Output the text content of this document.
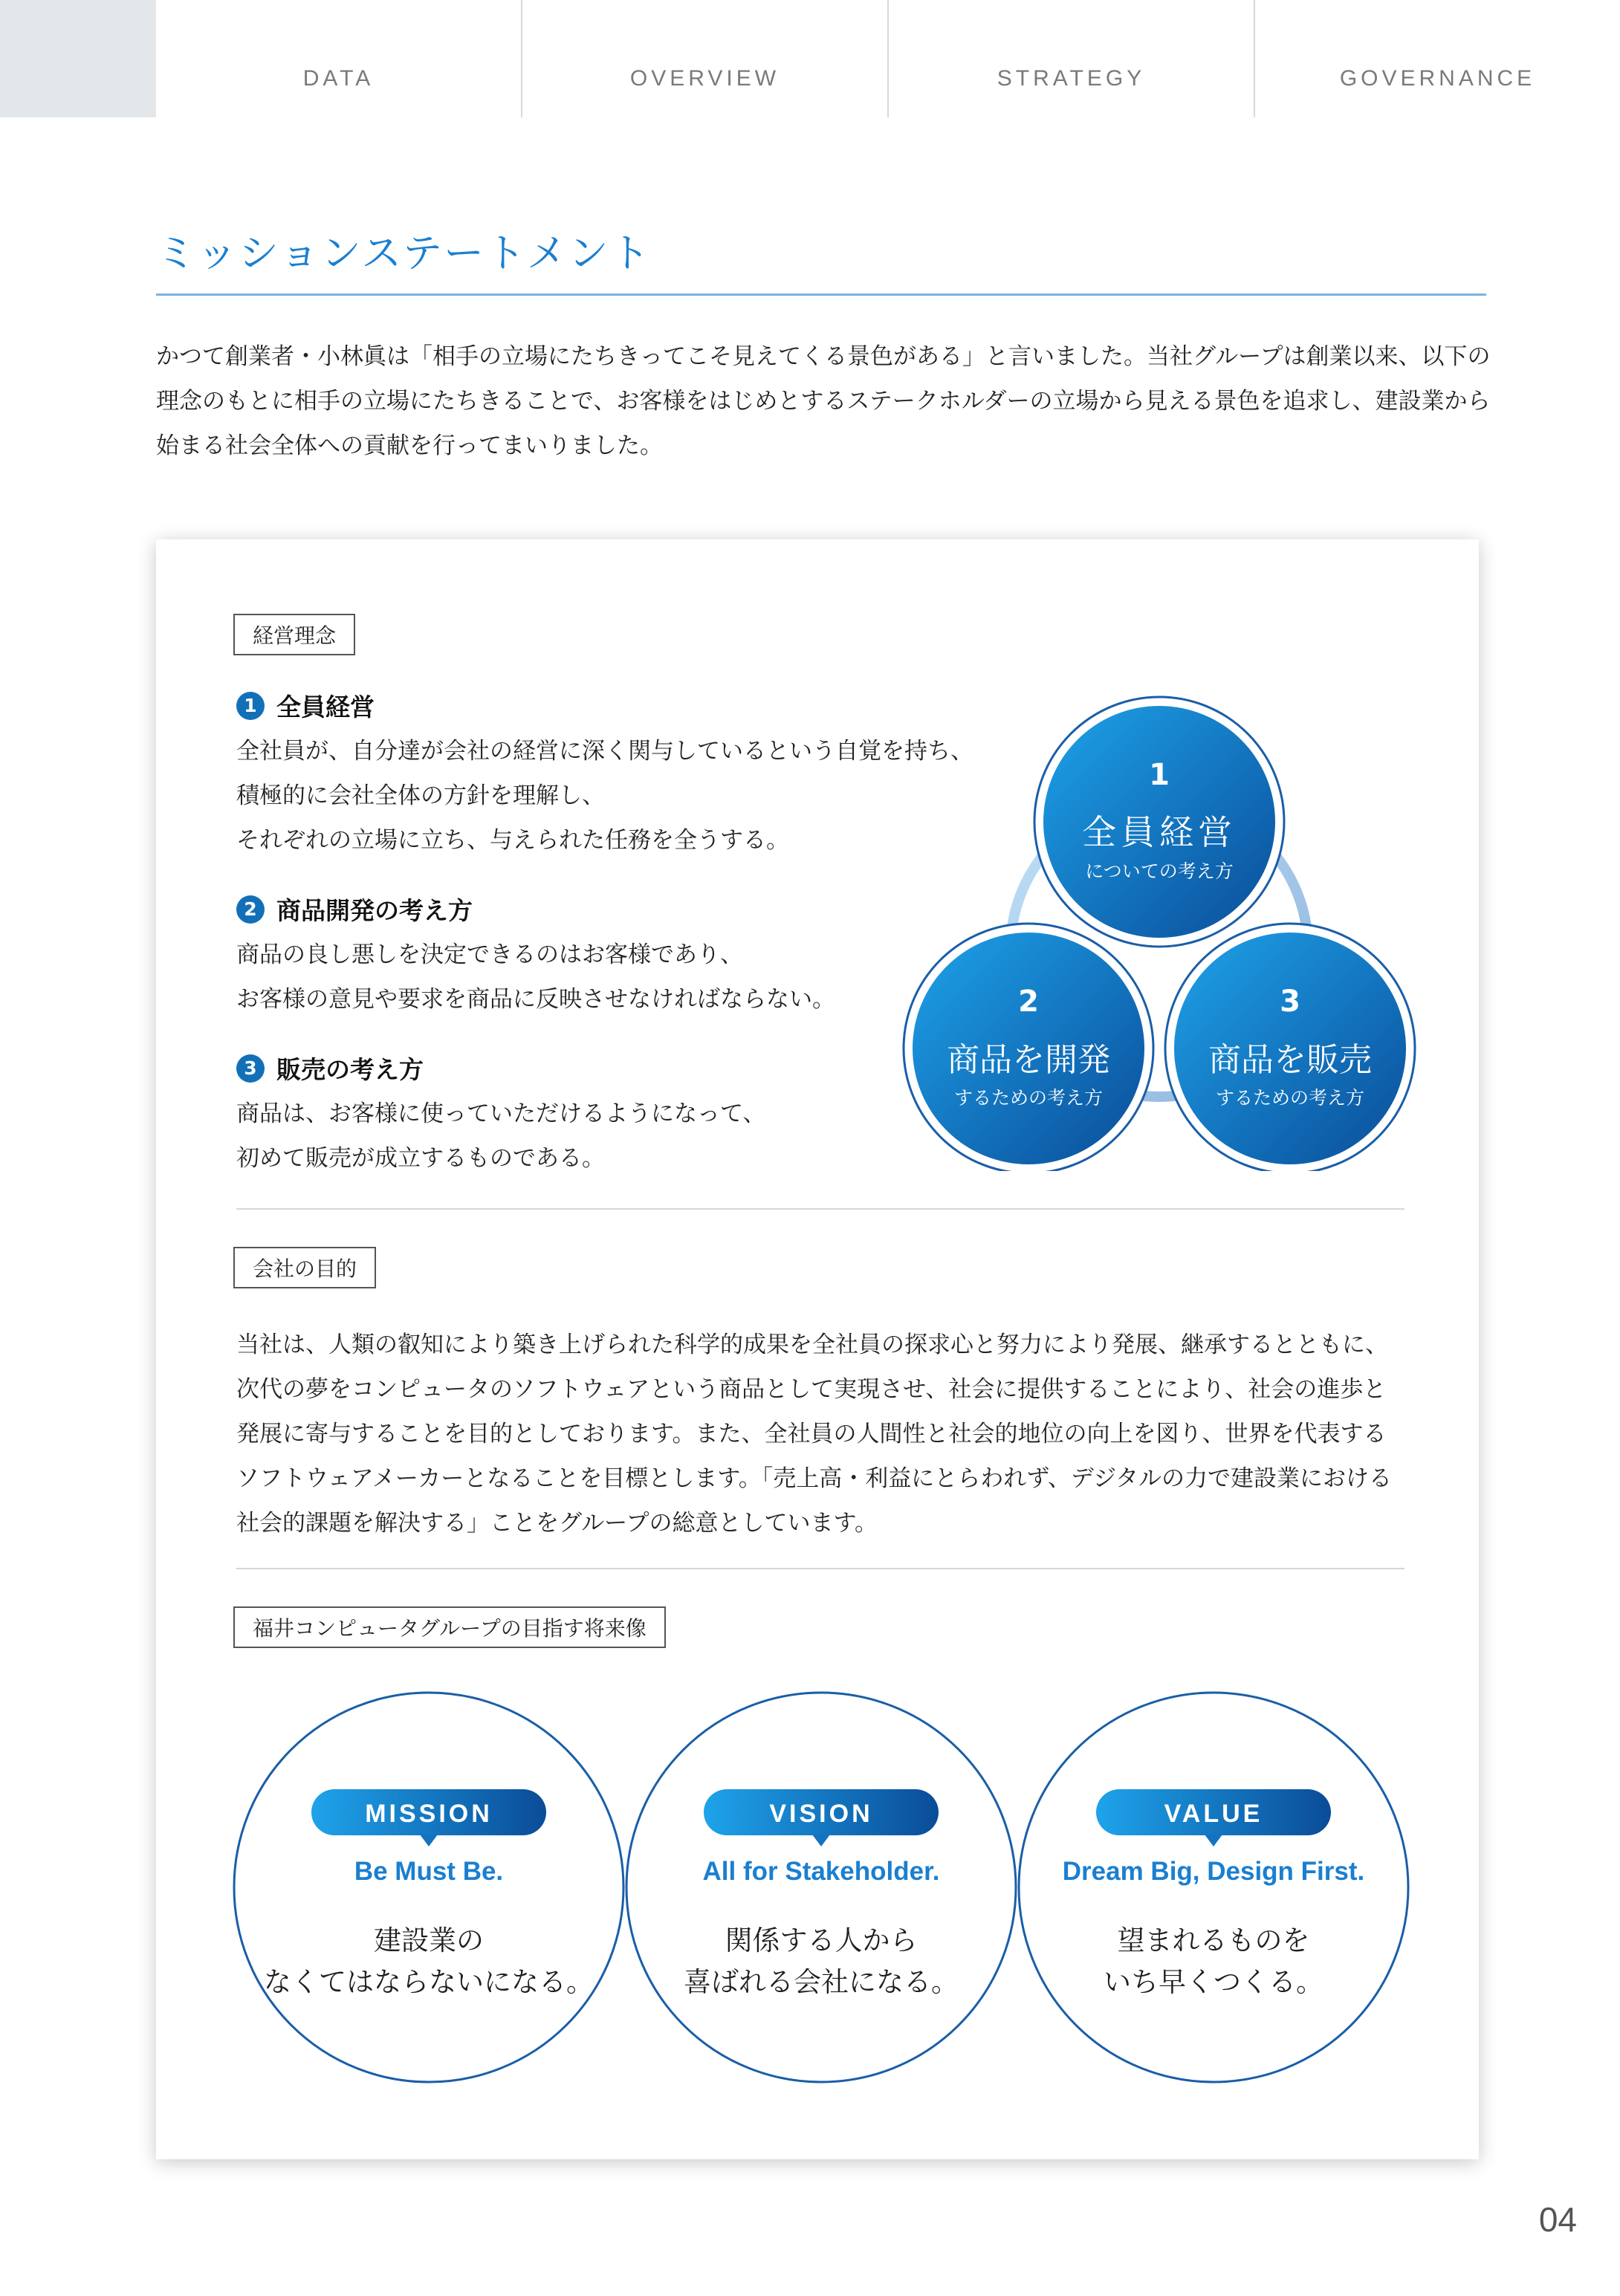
DATA	OVERVIEW	STRATEGY	GOVERNANCE
ミッションステートメント

かつて創業者・小林眞は「相手の立場にたちきってこそ見えてくる景色がある」と言いました。当社グループは創業以来、以下の理念のもとに相手の立場にたちきることで、お客様をはじめとするステークホルダーの立場から見える景色を追求し、建設業から始まる社会全体への貢献を行ってまいりました。

経営理念
1 全員経営

全社員が、自分達が会社の経営に深く関与しているという自覚を持ち、

積極的に会社全体の方針を理解し、

それぞれの立場に立ち、与えられた任務を全うする。

2 商品開発の考え方

商品の良し悪しを決定できるのはお客様であり、

お客様の意見や要求を商品に反映させなければならない。

3 販売の考え方

商品は、お客様に使っていただけるようになって、

初めて販売が成立するものである。

1
全員経営
についての考え方
2
商品を開発
するための考え方
3
商品を販売
するための考え方
会社の目的
当社は、人類の叡知により築き上げられた科学的成果を全社員の探求心と努力により発展、継承するとともに、
次代の夢をコンピュータのソフトウェアという商品として実現させ、社会に提供することにより、社会の進歩と
発展に寄与することを目的としております。また、全社員の人間性と社会的地位の向上を図り、世界を代表する
ソフトウェアメーカーとなることを目標とします。「売上高・利益にとらわれず、デジタルの力で建設業における
社会的課題を解決する」ことをグループの総意としています。
福井コンピュータグループの目指す将来像
MISSION
Be Must Be.
建設業の
なくてはならないになる。
VISION
All for Stakeholder.
関係する人から
喜ばれる会社になる。
VALUE
Dream Big, Design First.
望まれるものを
いち早くつくる。
04
